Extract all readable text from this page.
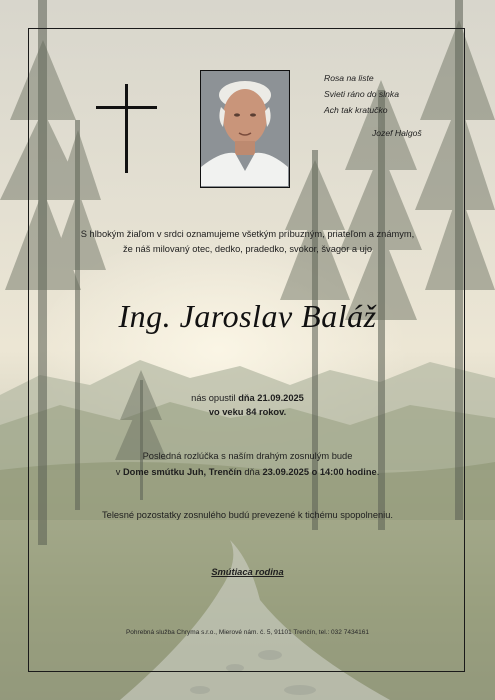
Rosa na liste
Svieti ráno do slnka
Ach tak kratučko
Jozef Halgoš
S hlbokým žiaľom v srdci oznamujeme všetkým príbuzným, priateľom a známym,
že náš milovaný otec, dedko, pradedko, svokor, švagor a ujo
Ing. Jaroslav Baláž
nás opustil dňa 21.09.2025
vo veku 84 rokov.
Posledná rozlúčka s naším drahým zosnulým bude
v Dome smútku Juh, Trenčín dňa 23.09.2025 o 14:00 hodine.
Telesné pozostatky zosnulého budú prevezené k tichému spopolneniu.
Smútiaca rodina
Pohrebná služba Chryma s.r.o., Mierové nám. č. 5, 91101 Trenčín, tel.: 032 7434161
